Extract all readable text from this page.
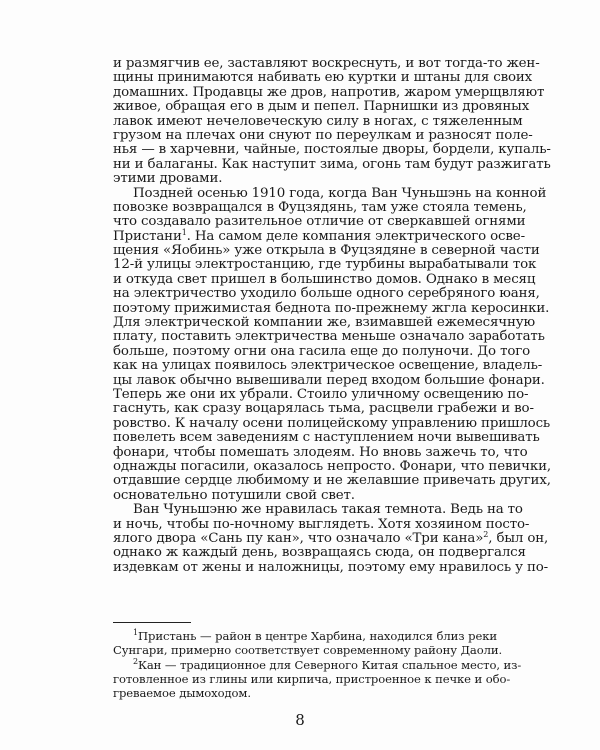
и размягчив ее, заставляют воскреснуть, и вот тогда-то жен-
щины принимаются набивать ею куртки и штаны для своих
домашних. Продавцы же дров, напротив, жаром умерщвляют
живое, обращая его в дым и пепел. Парнишки из дровяных
лавок имеют нечеловеческую силу в ногах, с тяжеленным
грузом на плечах они снуют по переулкам и разносят поле-
нья — в харчевни, чайные, постоялые дворы, бордели, купаль-
ни и балаганы. Как наступит зима, огонь там будут разжигать
этими дровами.
Поздней осенью 1910 года, когда Ван Чуньшэнь на конной
повозке возвращался в Фуцзядянь, там уже стояла темень,
что создавало разительное отличие от сверкавшей огнями
Пристани$^1$. На самом деле компания электрического осве-
щения «Яобинь» уже открыла в Фуцзядяне в северной части
12-й улицы электростанцию, где турбины вырабатывали ток
и откуда свет пришел в большинство домов. Однако в месяц
на электричество уходило больше одного серебряного юаня,
поэтому прижимистая беднота по-прежнему жгла керосинки.
Для электрической компании же, взимавшей ежемесячную
плату, поставить электричества меньше означало заработать
больше, поэтому огни она гасила еще до полуночи. До того
как на улицах появилось электрическое освещение, владель-
цы лавок обычно вывешивали перед входом большие фонари.
Теперь же они их убрали. Стоило уличному освещению по-
гаснуть, как сразу воцарялась тьма, расцвели грабежи и во-
ровство. К началу осени полицейскому управлению пришлось
повелеть всем заведениям с наступлением ночи вывешивать
фонари, чтобы помешать злодеям. Но вновь зажечь то, что
однажды погасили, оказалось непросто. Фонари, что певички,
отдавшие сердце любимому и не желавшие привечать других,
основательно потушили свой свет.
Ван Чуньшэню же нравилась такая темнота. Ведь на то
и ночь, чтобы по-ночному выглядеть. Хотя хозяином посто-
ялого двора «Сань пу кан», что означало «Три кана»$^2$, был он,
однако ж каждый день, возвращаясь сюда, он подвергался
издевкам от жены и наложницы, поэтому ему нравилось у по-
$^1$Пристань — район в центре Харбина, находился близ реки
Сунгари, примерно соответствует современному району Даоли.
$^2$Кан — традиционное для Северного Китая спальное место, из-
готовленное из глины или кирпича, пристроенное к печке и обо-
греваемое дымоходом.
8
